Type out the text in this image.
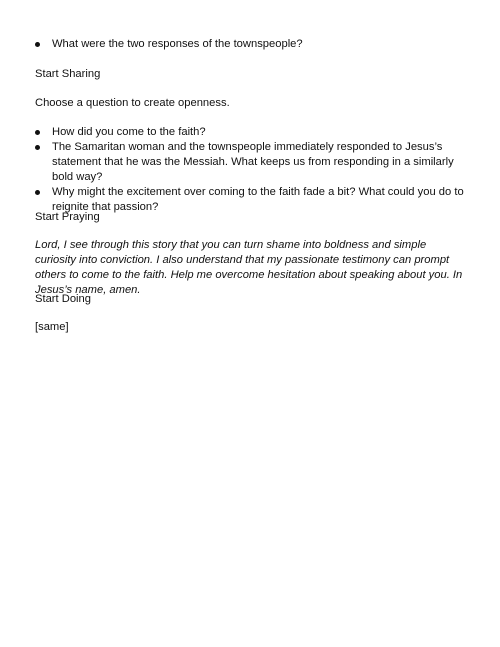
What were the two responses of the townspeople?

Start Sharing

Choose a question to create openness.

How did you come to the faith?
The Samaritan woman and the townspeople immediately responded to Jesus’s statement that he was the Messiah. What keeps us from responding in a similarly bold way?
Why might the excitement over coming to the faith fade a bit? What could you do to reignite that passion?

Start Praying

Lord, I see through this story that you can turn shame into boldness and simple curiosity into conviction. I also understand that my passionate testimony can prompt others to come to the faith. Help me overcome hesitation about speaking about you. In Jesus’s name, amen.

Start Doing

[same]
